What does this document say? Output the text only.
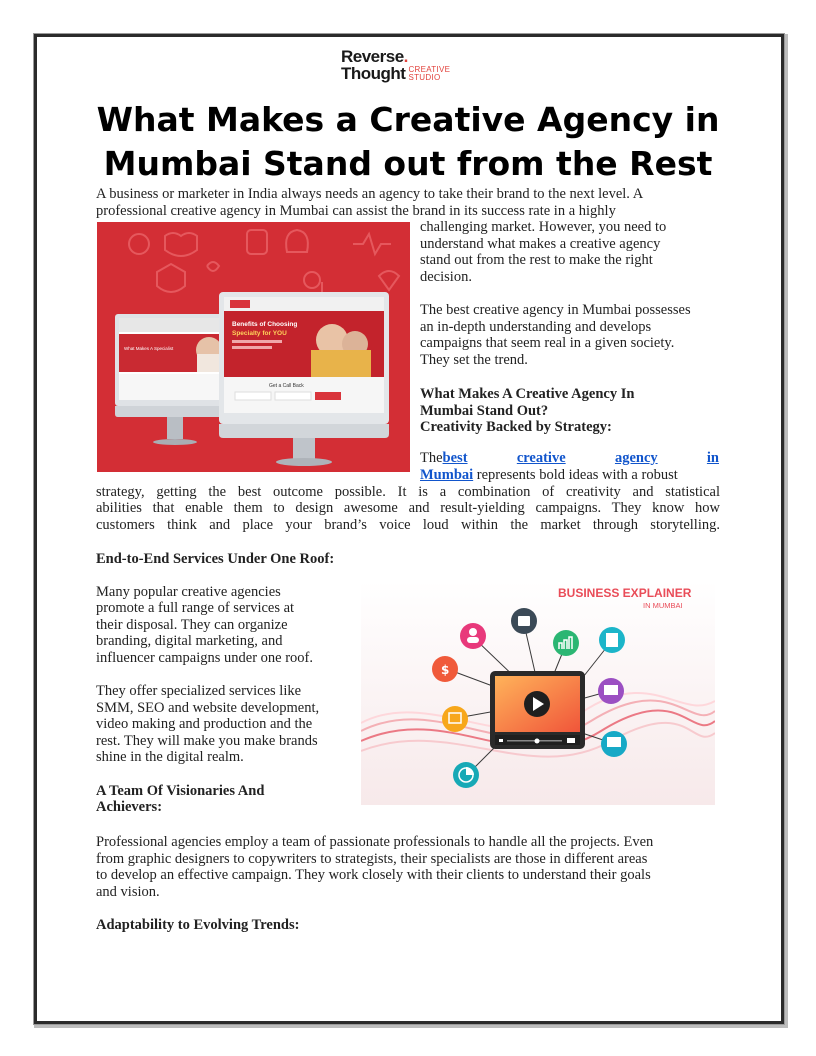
Reverse.
Thought CREATIVE
STUDIO
What Makes a Creative Agency in
Mumbai Stand out from the Rest

A business or marketer in India always needs an agency to take their brand to the next level. A

professional creative agency in Mumbai can assist the brand in its success rate in a highly

challenging market. However, you need to

understand what makes a creative agency

stand out from the rest to make the right

decision.

What Makes A Specialist
Benefits of Choosing
Specialty for YOU
Get a Call Back

The best creative agency in Mumbai possesses

an in-depth understanding and develops

campaigns that seem real in a given society.

They set the trend.

What Makes A Creative Agency In

Mumbai Stand Out?

Creativity Backed by Strategy:

Thebest	creative	agency	in

Mumbai represents bold ideas with a robust

strategy, getting the best outcome possible. It is a combination of creativity and statistical

abilities that enable them to design awesome and result-yielding campaigns. They know how

customers think and place your brand’s voice loud within the market through storytelling.

End-to-End Services Under One Roof:

Many popular creative agencies

promote a full range of services at

their disposal. They can organize

branding, digital marketing, and

influencer campaigns under one roof.

They offer specialized services like

SMM, SEO and website development,

video making and production and the

rest. They will make you make brands

shine in the digital realm.

A Team Of Visionaries And

Achievers:

BUSINESS EXPLAINER
IN MUMBAI
$

Professional agencies employ a team of passionate professionals to handle all the projects. Even

from graphic designers to copywriters to strategists, their specialists are those in different areas

to develop an effective campaign. They work closely with their clients to understand their goals

and vision.

Adaptability to Evolving Trends:
